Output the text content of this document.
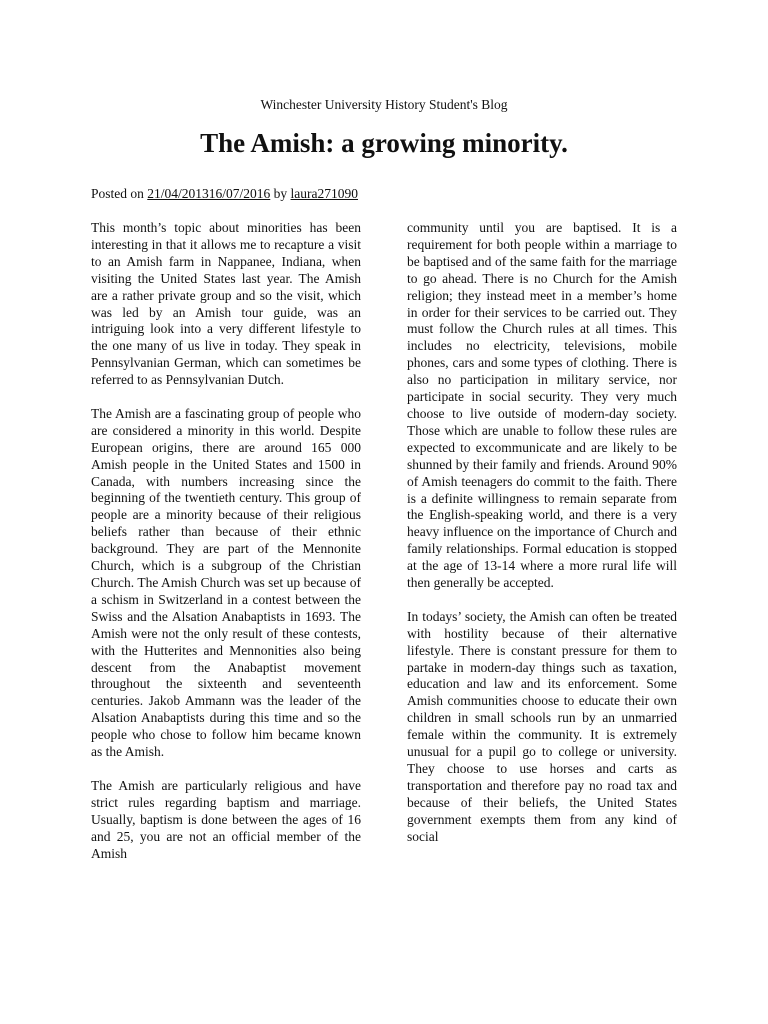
Winchester University History Student's Blog
The Amish: a growing minority.
Posted on 21/04/201316/07/2016 by laura271090

This month’s topic about minorities has been interesting in that it allows me to recapture a visit to an Amish farm in Nappanee, Indiana, when visiting the United States last year. The Amish are a rather private group and so the visit, which was led by an Amish tour guide, was an intriguing look into a very different lifestyle to the one many of us live in today. They speak in Pennsylvanian German, which can sometimes be referred to as Pennsylvanian Dutch.

The Amish are a fascinating group of people who are considered a minority in this world. Despite European origins, there are around 165 000 Amish people in the United States and 1500 in Canada, with numbers increasing since the beginning of the twentieth century. This group of people are a minority because of their religious beliefs rather than because of their ethnic background. They are part of the Mennonite Church, which is a subgroup of the Christian Church. The Amish Church was set up because of a schism in Switzerland in a contest between the Swiss and the Alsation Anabaptists in 1693. The Amish were not the only result of these contests, with the Hutterites and Mennonities also being descent from the Anabaptist movement throughout the sixteenth and seventeenth centuries. Jakob Ammann was the leader of the Alsation Anabaptists during this time and so the people who chose to follow him became known as the Amish.

The Amish are particularly religious and have strict rules regarding baptism and marriage. Usually, baptism is done between the ages of 16 and 25, you are not an official member of the Amish

community until you are baptised. It is a requirement for both people within a marriage to be baptised and of the same faith for the marriage to go ahead. There is no Church for the Amish religion; they instead meet in a member’s home in order for their services to be carried out. They must follow the Church rules at all times. This includes no electricity, televisions, mobile phones, cars and some types of clothing. There is also no participation in military service, nor participate in social security. They very much choose to live outside of modern-day society. Those which are unable to follow these rules are expected to excommunicate and are likely to be shunned by their family and friends. Around 90% of Amish teenagers do commit to the faith. There is a definite willingness to remain separate from the English-speaking world, and there is a very heavy influence on the importance of Church and family relationships. Formal education is stopped at the age of 13-14 where a more rural life will then generally be accepted.

In todays’ society, the Amish can often be treated with hostility because of their alternative lifestyle. There is constant pressure for them to partake in modern-day things such as taxation, education and law and its enforcement. Some Amish communities choose to educate their own children in small schools run by an unmarried female within the community. It is extremely unusual for a pupil go to college or university. They choose to use horses and carts as transportation and therefore pay no road tax and because of their beliefs, the United States government exempts them from any kind of social
